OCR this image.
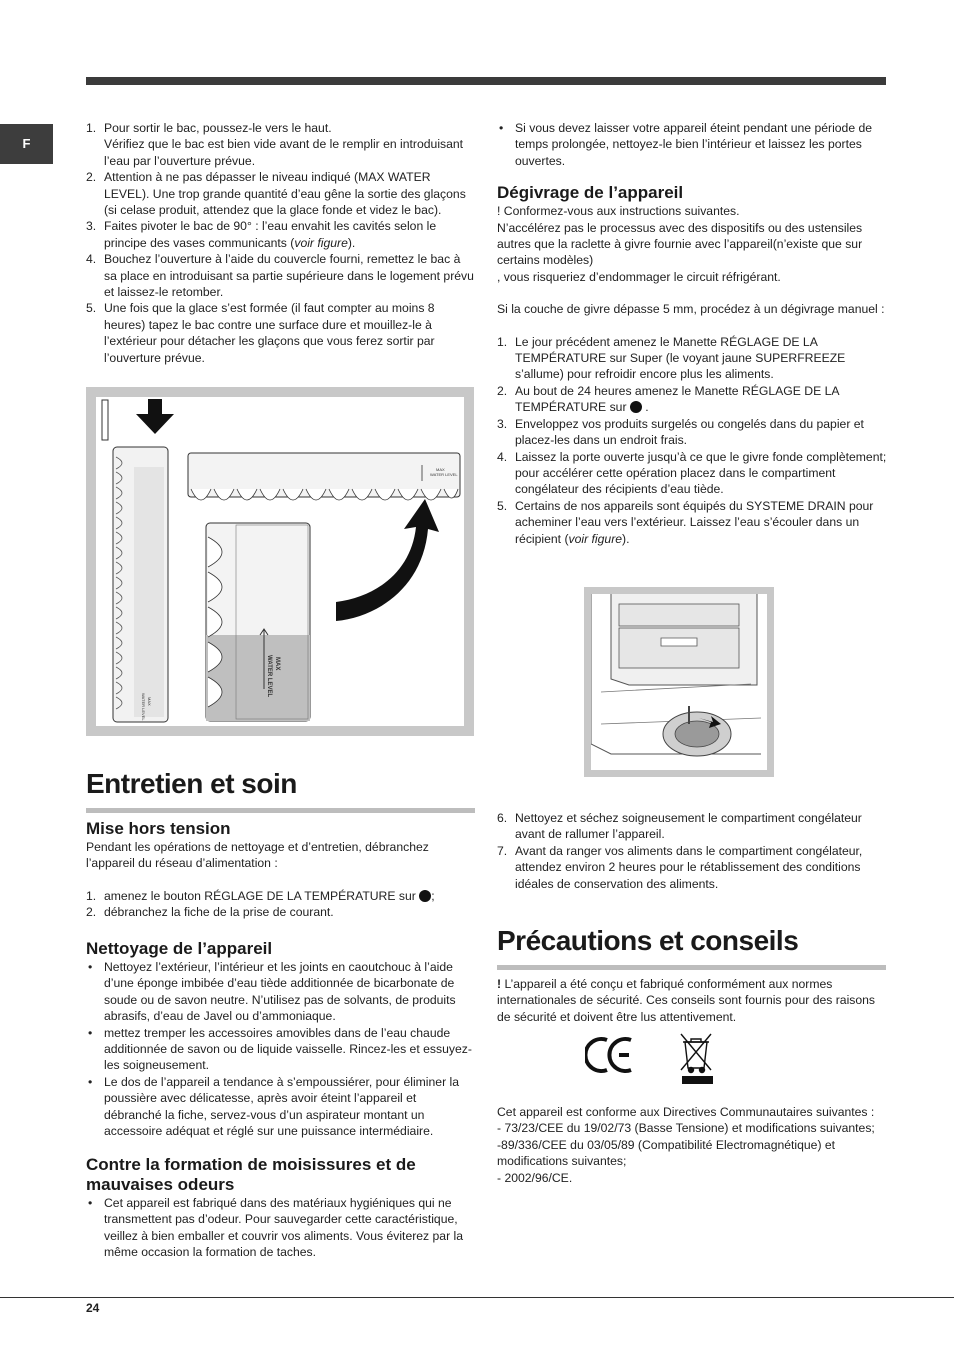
F
1. Pour sortir le bac, poussez-le vers le haut.
Vérifiez que le bac est bien vide avant de le remplir en introduisant l’eau par l’ouverture prévue.
2. Attention à ne pas dépasser le niveau indiqué (MAX WATER LEVEL). Une trop grande quantité d’eau gêne la sortie des glaçons (si celase produit, attendez que la glace fonde et videz le bac).
3. Faites pivoter le bac de 90° : l’eau envahit les cavités selon le principe des vases communicants (voir figure).
4. Bouchez l’ouverture à l’aide du couvercle fourni, remettez le bac à sa place en introduisant sa partie supérieure dans le logement prévu et laissez-le retomber.
5. Une fois que la glace s’est formée (il faut compter au moins 8 heures) tapez le bac contre une surface dure et mouillez-le à l’extérieur pour détacher les glaçons que vous ferez sortir par l’ouverture prévue.
MAX
WATER LEVEL
MAX
WATER LEVEL
MAX
WATER LEVEL
Entretien et soin
Mise hors tension

Pendant les opérations de nettoyage et d’entretien, débranchez l’appareil du réseau d’alimentation :

1. amenez le bouton RÉGLAGE DE LA TEMPÉRATURE sur ;
2. débranchez la fiche de la prise de courant.
Nettoyage de l’appareil
• Nettoyez l’extérieur, l’intérieur et les joints en caoutchouc à l’aide d’une éponge imbibée d’eau tiède additionnée de bicarbonate de soude ou de savon neutre. N’utilisez pas de solvants, de produits abrasifs, d’eau de Javel ou d’ammoniaque.
• mettez tremper les accessoires amovibles dans de l’eau chaude additionnée de savon ou de liquide vaisselle. Rincez-les et essuyez-les soigneusement.
• Le dos de l’appareil a tendance à s’empoussiérer, pour éliminer la poussière avec délicatesse, après avoir éteint l’appareil et débranché la fiche, servez-vous d’un aspirateur montant un accessoire adéquat et réglé sur une puissance intermédiaire.
Contre la formation de moisissures et de mauvaises odeurs
• Cet appareil est fabriqué dans des matériaux hygiéniques qui ne transmettent pas d’odeur. Pour sauvegarder cette caractéristique, veillez à bien emballer et couvrir vos aliments. Vous éviterez par la même occasion la formation de taches.
• Si vous devez laisser votre appareil éteint pendant une période de temps prolongée, nettoyez-le bien l’intérieur et laissez les portes ouvertes.
Dégivrage de l’appareil

! Conformez-vous aux instructions suivantes.
N’accélérez pas le processus avec des dispositifs ou des ustensiles autres que la raclette à givre fournie avec l’appareil(n’existe que sur certains modèles)
, vous risqueriez d’endommager le circuit réfrigérant.

Si la couche de givre dépasse 5 mm, procédez à un dégivrage manuel :

1. Le jour précédent amenez le Manette RÉGLAGE DE LA TEMPÉRATURE sur Super (le voyant jaune SUPERFREEZE s’allume) pour refroidir encore plus les aliments.
2. Au bout de 24 heures amenez le Manette RÉGLAGE DE LA TEMPÉRATURE sur .
3. Enveloppez vos produits surgelés ou congelés dans du papier et placez-les dans un endroit frais.
4. Laissez la porte ouverte jusqu’à ce que le givre fonde complètement; pour accélérer cette opération placez dans le compartiment congélateur des récipients d’eau tiède.
5. Certains de nos appareils sont équipés du SYSTEME DRAIN pour acheminer l’eau vers l’extérieur. Laissez l’eau s’écouler dans un récipient (voir figure).
6. Nettoyez et séchez soigneusement le compartiment congélateur avant de rallumer l’appareil.
7. Avant da ranger vos aliments dans le compartiment congélateur, attendez environ 2 heures pour le rétablissement des conditions idéales de conservation des aliments.
Précautions et conseils

! L’appareil a été conçu et fabriqué conformément aux normes internationales de sécurité. Ces conseils sont fournis pour des raisons de sécurité et doivent être lus attentivement.

Cet appareil est conforme aux Directives Communautaires suivantes :
- 73/23/CEE du 19/02/73 (Basse Tensione) et modifications suivantes;
-89/336/CEE du 03/05/89 (Compatibilité Electromagnétique) et modifications suivantes;
- 2002/96/CE.

24
